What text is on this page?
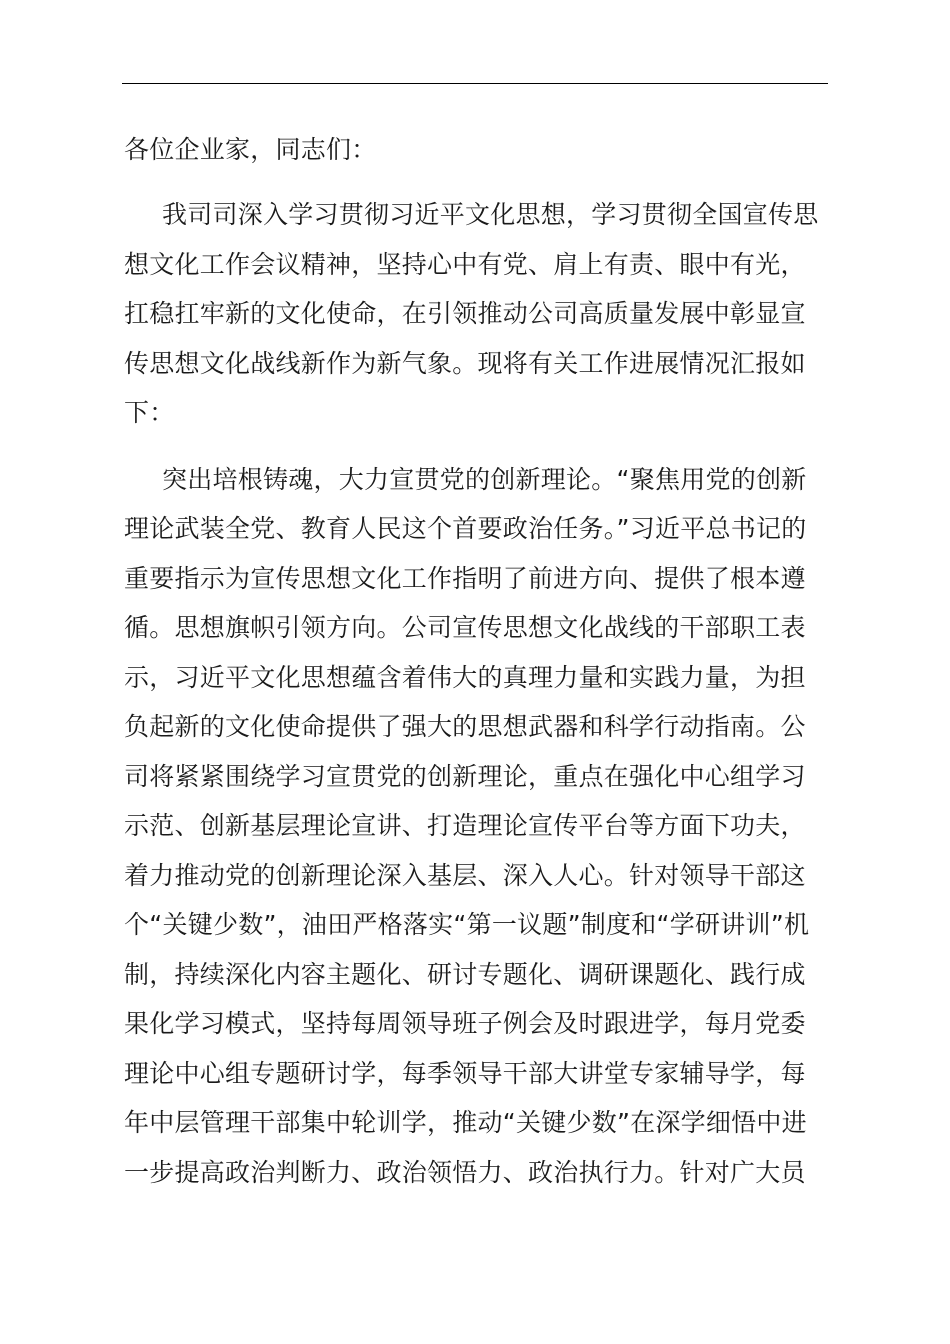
各位企业家，同志们：
我司司深入学习贯彻习近平文化思想，学习贯彻全国宣传思
想文化工作会议精神，坚持心中有党、肩上有责、眼中有光，
扛稳扛牢新的文化使命，在引领推动公司高质量发展中彰显宣
传思想文化战线新作为新气象。现将有关工作进展情况汇报如
下：
突出培根铸魂，大力宣贯党的创新理论。“聚焦用党的创新
理论武装全党、教育人民这个首要政治任务。”习近平总书记的
重要指示为宣传思想文化工作指明了前进方向、提供了根本遵
循。思想旗帜引领方向。公司宣传思想文化战线的干部职工表
示，习近平文化思想蕴含着伟大的真理力量和实践力量，为担
负起新的文化使命提供了强大的思想武器和科学行动指南。公
司将紧紧围绕学习宣贯党的创新理论，重点在强化中心组学习
示范、创新基层理论宣讲、打造理论宣传平台等方面下功夫，
着力推动党的创新理论深入基层、深入人心。针对领导干部这
个“关键少数”，油田严格落实“第一议题”制度和“学研讲训”机
制，持续深化内容主题化、研讨专题化、调研课题化、践行成
果化学习模式，坚持每周领导班子例会及时跟进学，每月党委
理论中心组专题研讨学，每季领导干部大讲堂专家辅导学，每
年中层管理干部集中轮训学，推动“关键少数”在深学细悟中进
一步提高政治判断力、政治领悟力、政治执行力。针对广大员
